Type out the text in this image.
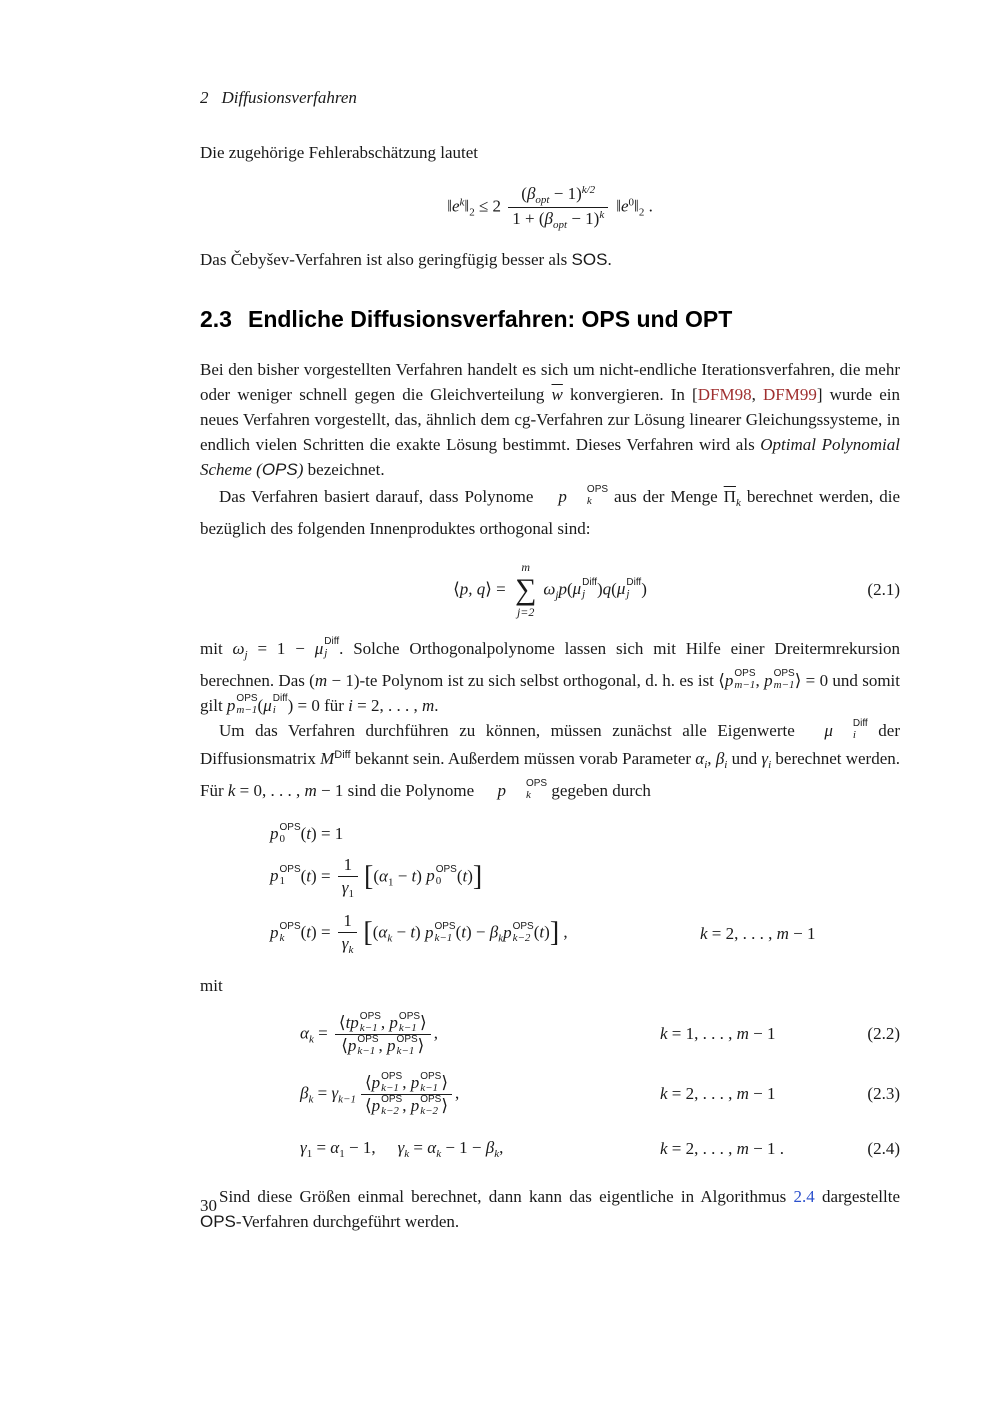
2 Diffusionsverfahren

Die zugehörige Fehlerabschätzung lautet

$‖e^k‖_2 \le 2 \frac{(\beta_{opt} - 1)^{k/2}}{1 + (\beta_{opt} - 1)^k}$ $‖e^0‖_2$ .

Das Čebyšev-Verfahren ist also geringfügig besser als SOS.

2.3 Endliche Diffusionsverfahren: OPS und OPT

Bei den bisher vorgestellten Verfahren handelt es sich um nicht-endliche Iterationsverfahren, die mehr oder weniger schnell gegen die Gleichverteilung $\overline{w}$ konvergieren. In [DFM98, DFM99] wurde ein neues Verfahren vorgestellt, das, ähnlich dem cg-Verfahren zur Lösung linearer Gleichungssysteme, in endlich vielen Schritten die exakte Lösung bestimmt. Dieses Verfahren wird als Optimal Polynomial Scheme (OPS) bezeichnet.

Das Verfahren basiert darauf, dass Polynome	p	OPS
k aus der Menge $\overline{\Pi}_k$ berechnet werden, die bezüglich des folgenden Innenproduktes orthogonal sind:

⟨p, q⟩ =
m
∑
j=2
$\omega_jp$( μ Diff
j )q( μ Diff
j )	(2.1)

mit $\omega_j = 1 - \mu$ Diff
j . Solche Orthogonalpolynome lassen sich mit Hilfe einer Dreitermrekursion berechnen. Das (m − 1)-te Polynom ist zu sich selbst orthogonal, d. h. es ist ⟨ p OPS
m−1 , p OPS
m−1 ⟩ = 0 und somit gilt p OPS
m−1 ( μ Diff
i ) = 0 für i = 2, . . . , m.

Um das Verfahren durchführen zu können, müssen zunächst alle Eigenwerte	μ	Diff
i der Diffusionsmatrix $M^{Diff}$ bekannt sein. Außerdem müssen vorab Parameter $\alpha_i$, $\beta_i$ und $\gamma_i$ berechnet werden. Für k = 0, . . . , m − 1 sind die Polynome	p	OPS
k gegeben durch

p OPS
0 (t) = 1
p OPS
1 $(t) = \frac{1}{\gamma_1} [(\alpha_1 - t)$ p OPS
0 (t)]
p OPS
k $(t) = \frac{1}{\gamma_k} [(\alpha_k - t)$ p OPS
k−1 $(t) - \beta_k$ p OPS
k−2 (t)] ,	k = 2, . . . , m − 1

mit

$\alpha_k$ = ⟨t p OPS
k−1 , p OPS
k−1 ⟩
⟨ p OPS
k−1 , p OPS
k−1 ⟩ ,	k = 1, . . . , m − 1	(2.2)
$\beta_k = \gamma_{k-1}$ ⟨ p OPS
k−1 , p OPS
k−1 ⟩
⟨ p OPS
k−2 , p OPS
k−2 ⟩ ,	k = 2, . . . , m − 1	(2.3)
$\gamma_1 = \alpha_1 - 1$, $\gamma_k = \alpha_k - 1 - \beta_k$,	k = 2, . . . , m − 1 .	(2.4)

Sind diese Größen einmal berechnet, dann kann das eigentliche in Algorithmus 2.4 dargestellte OPS-Verfahren durchgeführt werden.

30
